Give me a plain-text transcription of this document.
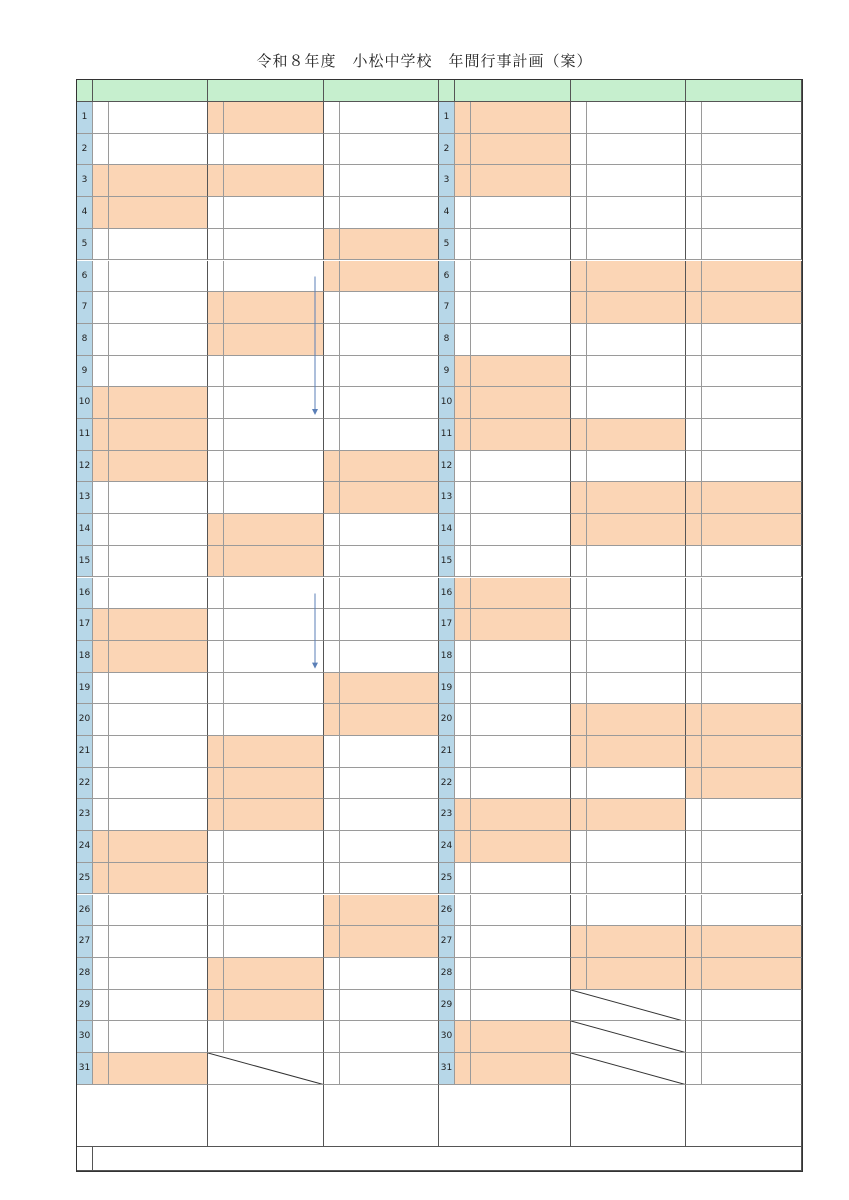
令和８年度　小松中学校　年間行事計画（案）
1
2
3
4
5
6
7
8
9
10
11
12
13
14
15
16
17
18
19
20
21
22
23
24
25
26
27
28
29
30
31
1
2
3
4
5
6
7
8
9
10
11
12
13
14
15
16
17
18
19
20
21
22
23
24
25
26
27
28
29
30
31
